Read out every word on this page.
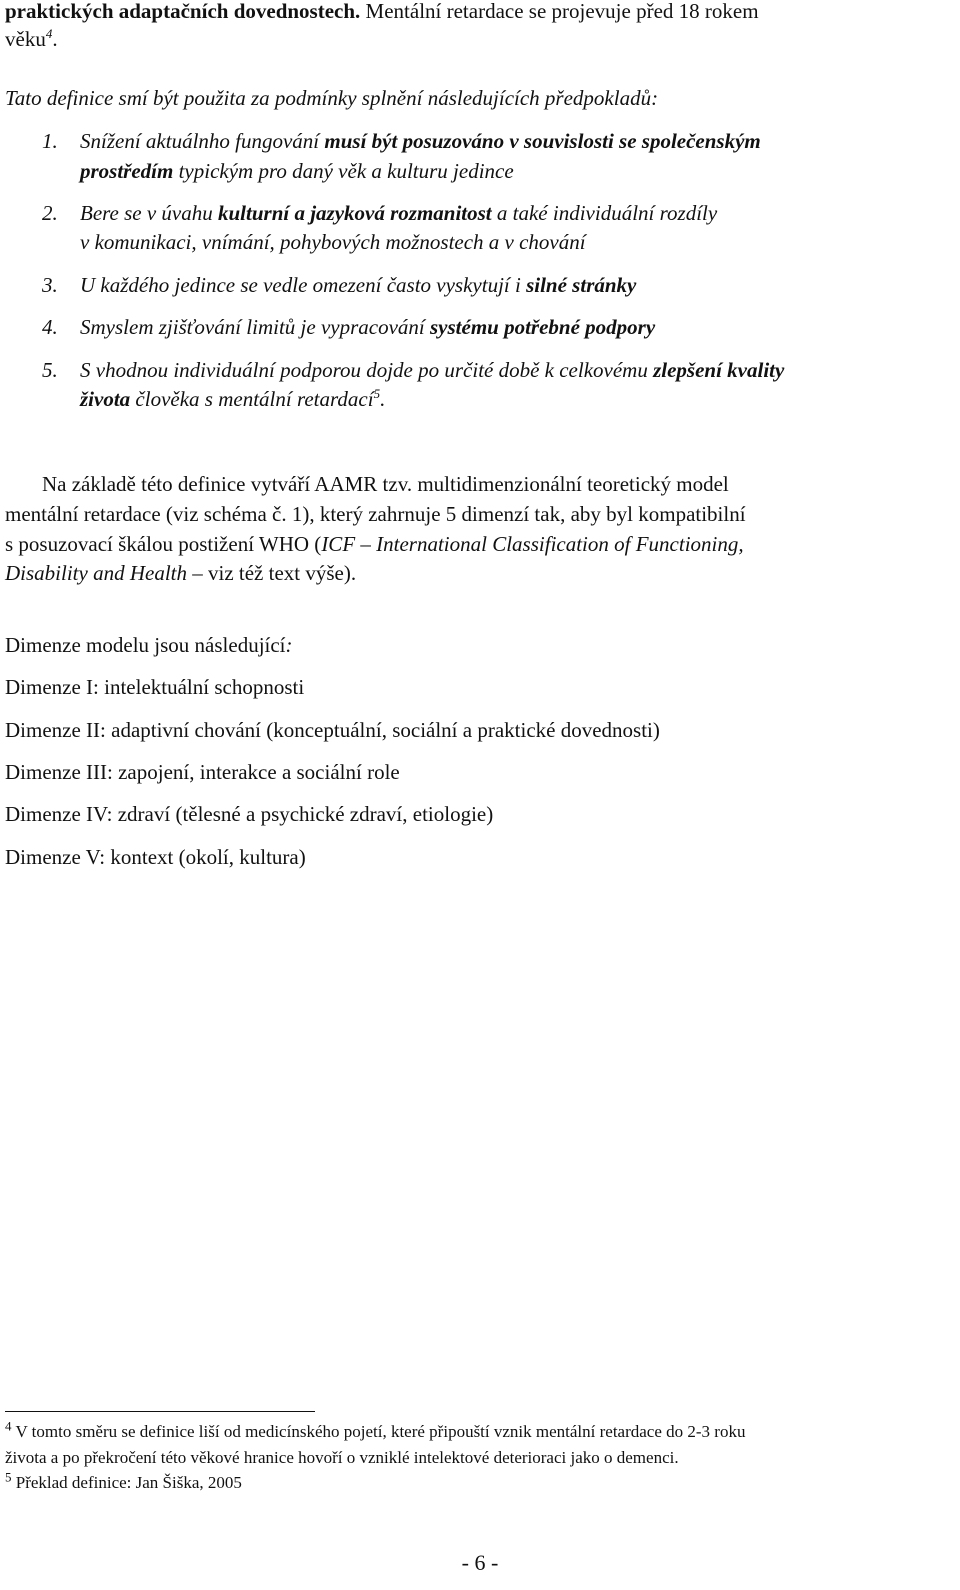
praktických adaptačních dovednostech. Mentální retardace se projevuje před 18 rokem
věku$^4$.
Tato definice smí být použita za podmínky splnění následujících předpokladů:
1. Snížení aktuálnho fungování musí být posuzováno v souvislosti se společenským
prostředím typickým pro daný věk a kulturu jedince
2. Bere se v úvahu kulturní a jazyková rozmanitost a také individuální rozdíly
v komunikaci, vnímání, pohybových možnostech a v chování
3. U každého jedince se vedle omezení často vyskytují i silné stránky
4. Smyslem zjišťování limitů je vypracování systému potřebné podpory
5. S vhodnou individuální podporou dojde po určité době k celkovému zlepšení kvality
života člověka s mentální retardací$^5$.
Na základě této definice vytváří AAMR tzv. multidimenzionální teoretický model
mentální retardace (viz schéma č. 1), který zahrnuje 5 dimenzí tak, aby byl kompatibilní
s posuzovací škálou postižení WHO (ICF – International Classification of Functioning,
Disability and Health – viz též text výše).
Dimenze modelu jsou následující:
Dimenze I: intelektuální schopnosti
Dimenze II: adaptivní chování (konceptuální, sociální a praktické dovednosti)
Dimenze III: zapojení, interakce a sociální role
Dimenze IV: zdraví (tělesné a psychické zdraví, etiologie)
Dimenze V: kontext (okolí, kultura)
$^4$ V tomto směru se definice liší od medicínského pojetí, které připouští vznik mentální retardace do 2-3 roku
života a po překročení této věkové hranice hovoří o vzniklé intelektové deterioraci jako o demenci.
$^5$ Překlad definice: Jan Šiška, 2005
- 6 -
